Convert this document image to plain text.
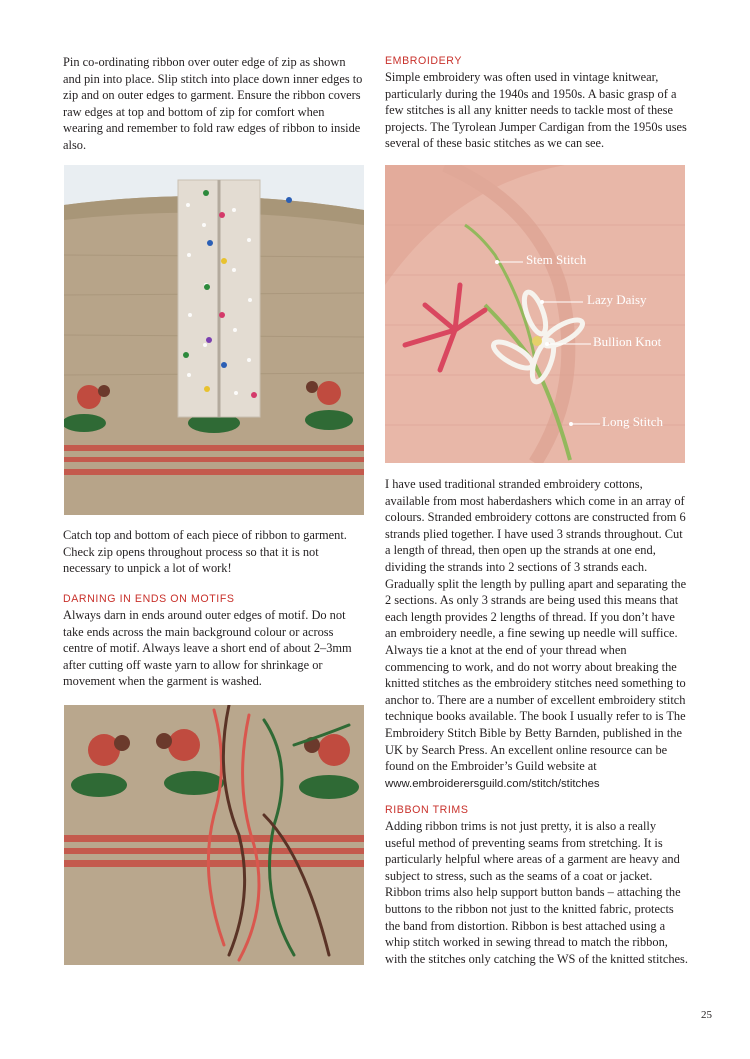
Pin co-ordinating ribbon over outer edge of zip as shown and pin into place. Slip stitch into place down inner edges to zip and on outer edges to garment. Ensure the ribbon covers raw edges at top and bottom of zip for comfort when wearing and remember to fold raw edges of ribbon to inside also.

Catch top and bottom of each piece of ribbon to garment. Check zip opens throughout process so that it is not necessary to unpick a lot of work!

DARNING IN ENDS ON MOTIFS

Always darn in ends around outer edges of motif. Do not take ends across the main background colour or across centre of motif. Always leave a short end of about 2–3mm after cutting off waste yarn to allow for shrinkage or movement when the garment is washed.

EMBROIDERY

Simple embroidery was often used in vintage knitwear, particularly during the 1940s and 1950s. A basic grasp of a few stitches is all any knitter needs to tackle most of these projects. The Tyrolean Jumper Cardigan from the 1950s uses several of these basic stitches as we can see.

Stem Stitch
Lazy Daisy
Bullion Knot
Long Stitch

I have used traditional stranded embroidery cottons, available from most haberdashers which come in an array of colours. Stranded embroidery cottons are constructed from 6 strands plied together. I have used 3 strands throughout. Cut a length of thread, then open up the strands at one end, dividing the strands into 2 sections of 3 strands each. Gradually split the length by pulling apart and separating the 2 sections. As only 3 strands are being used this means that each length provides 2 lengths of thread. If you don’t have an embroidery needle, a fine sewing up needle will suffice. Always tie a knot at the end of your thread when commencing to work, and do not worry about breaking the knitted stitches as the embroidery stitches need something to anchor to. There are a number of excellent embroidery stitch technique books available. The book I usually refer to is The Embroidery Stitch Bible by Betty Barnden, published in the UK by Search Press. An excellent online resource can be found on the Embroider’s Guild website at www.embroiderersguild.com/stitch/stitches

RIBBON TRIMS

Adding ribbon trims is not just pretty, it is also a really useful method of preventing seams from stretching. It is particularly helpful where areas of a garment are heavy and subject to stress, such as the seams of a coat or jacket. Ribbon trims also help support button bands – attaching the buttons to the ribbon not just to the knitted fabric, protects the band from distortion. Ribbon is best attached using a whip stitch worked in sewing thread to match the ribbon, with the stitches only catching the WS of the knitted stitches.

25
